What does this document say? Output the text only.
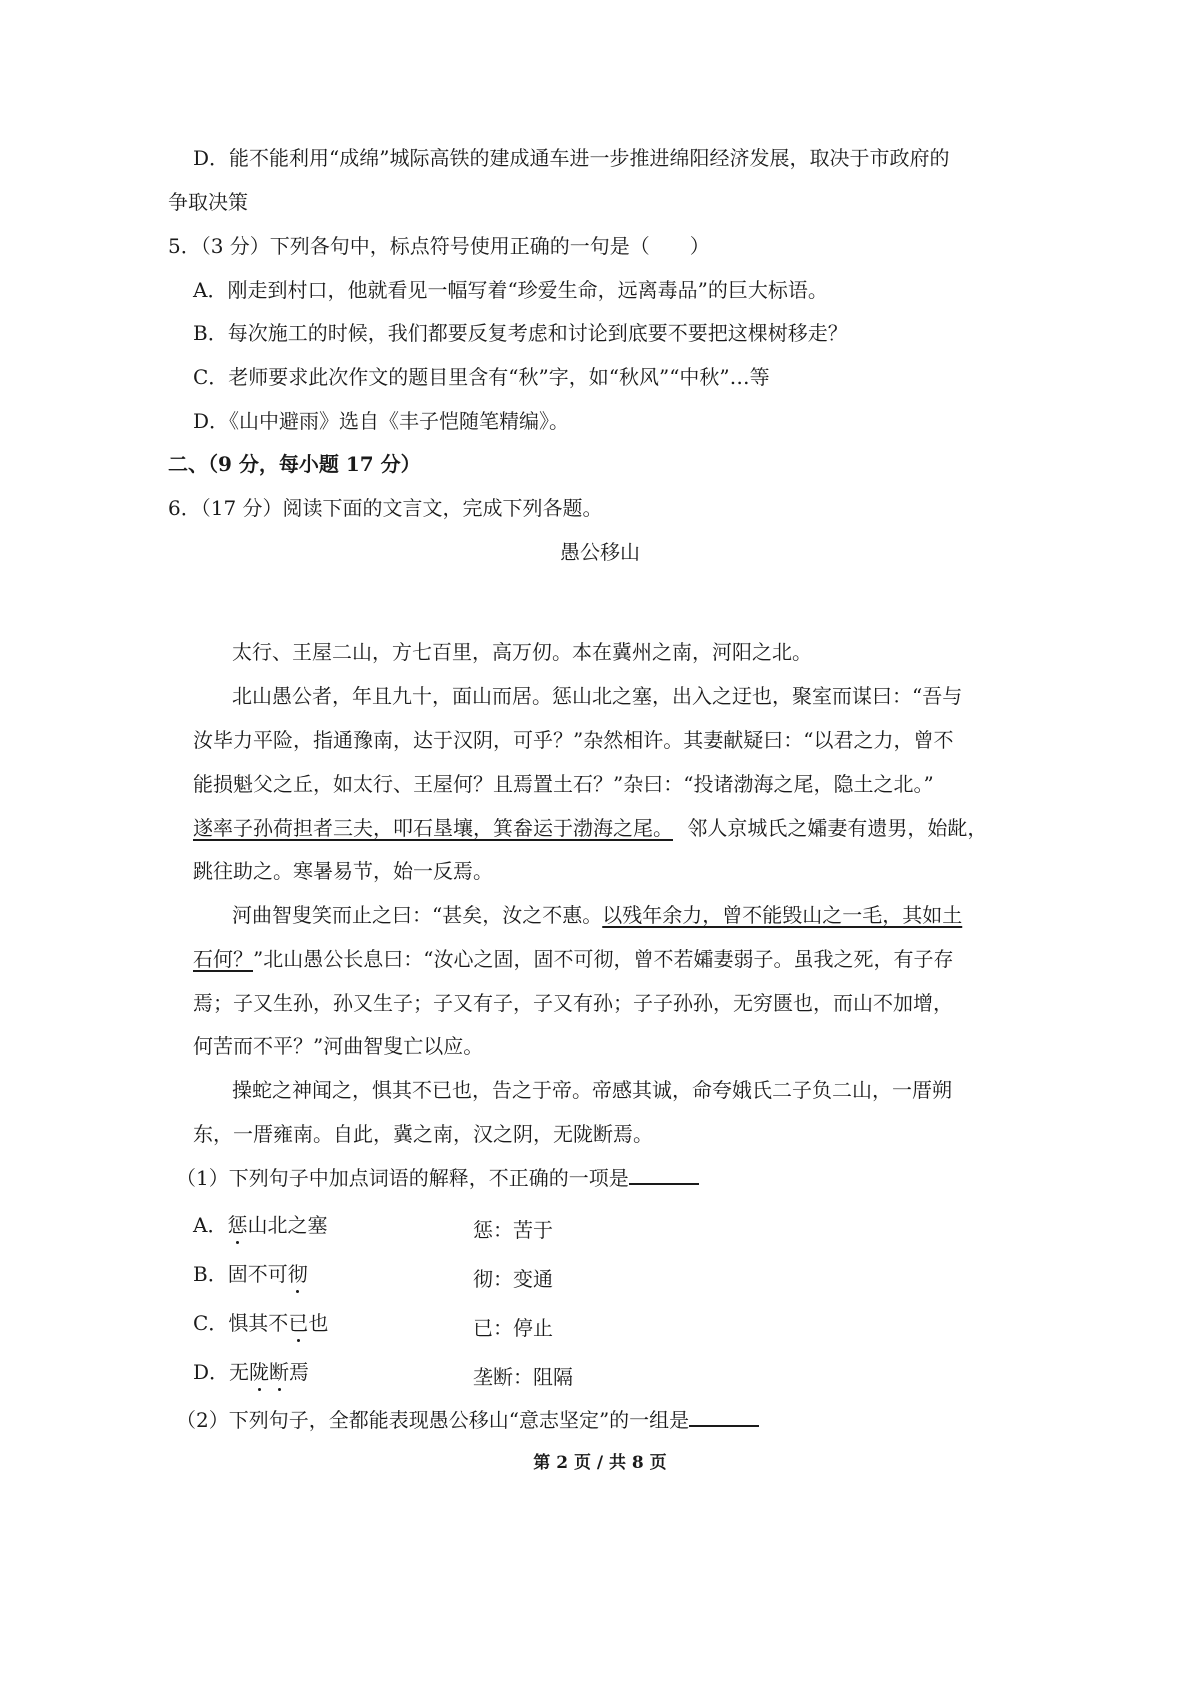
D．能不能利用“成绵”城际高铁的建成通车进一步推进绵阳经济发展，取决于市政府的
争取决策
5．（3 分）下列各句中，标点符号使用正确的一句是（　　）
A．刚走到村口，他就看见一幅写着“珍爱生命，远离毒品”的巨大标语。
B．每次施工的时候，我们都要反复考虑和讨论到底要不要把这棵树移走？
C．老师要求此次作文的题目里含有“秋”字，如“秋风”“中秋”…等
D．《山中避雨》选自《丰子恺随笔精编》。
二、（9 分，每小题 17 分）
6．（17 分）阅读下面的文言文，完成下列各题。
愚公移山
太行、王屋二山，方七百里，高万仞。本在冀州之南，河阳之北。
北山愚公者，年且九十，面山而居。惩山北之塞，出入之迂也，聚室而谋曰：“吾与
汝毕力平险，指通豫南，达于汉阴，可乎？”杂然相许。其妻献疑曰：“以君之力，曾不
能损魁父之丘，如太行、王屋何？且焉置土石？”杂曰：“投诸渤海之尾，隐土之北。”
遂率子孙荷担者三夫，叩石垦壤，箕畚运于渤海之尾。 邻人京城氏之孀妻有遗男，始龀，
跳往助之。寒暑易节，始一反焉。
河曲智叟笑而止之曰：“甚矣，汝之不惠。以残年余力，曾不能毁山之一毛，其如土
石何？”北山愚公长息曰：“汝心之固，固不可彻，曾不若孀妻弱子。虽我之死，有子存
焉；子又生孙，孙又生子；子又有子，子又有孙；子子孙孙，无穷匮也，而山不加增，
何苦而不平？”河曲智叟亡以应。
操蛇之神闻之，惧其不已也，告之于帝。帝感其诚，命夸娥氏二子负二山，一厝朔
东，一厝雍南。自此，冀之南，汉之阴，无陇断焉。
（1）下列句子中加点词语的解释，不正确的一项是
A．惩山北之塞	惩：苦于
B．固不可彻	彻：变通
C．惧其不已也	已：停止
D．无陇断焉	垄断：阻隔
（2）下列句子，全都能表现愚公移山“意志坚定”的一组是
第 2 页 / 共 8 页
